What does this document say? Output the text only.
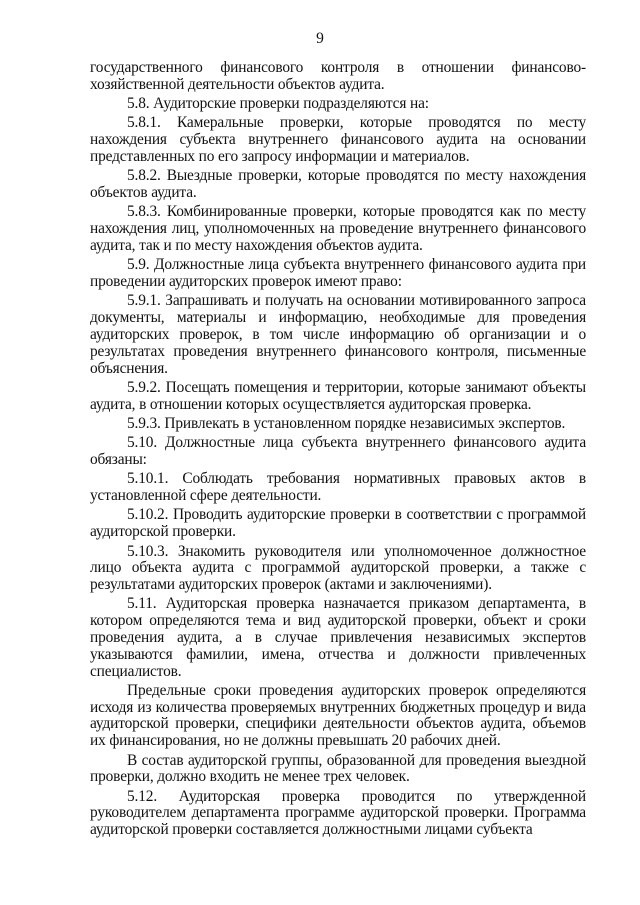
9

государственного финансового контроля в отношении финансово-хозяйственной деятельности объектов аудита.

5.8. Аудиторские проверки подразделяются на:

5.8.1. Камеральные проверки, которые проводятся по месту нахождения субъекта внутреннего финансового аудита на основании представленных по его запросу информации и материалов.

5.8.2. Выездные проверки, которые проводятся по месту нахождения объектов аудита.

5.8.3. Комбинированные проверки, которые проводятся как по месту нахождения лиц, уполномоченных на проведение внутреннего финансового аудита, так и по месту нахождения объектов аудита.

5.9. Должностные лица субъекта внутреннего финансового аудита при проведении аудиторских проверок имеют право:

5.9.1. Запрашивать и получать на основании мотивированного запроса документы, материалы и информацию, необходимые для проведения аудиторских проверок, в том числе информацию об организации и о результатах проведения внутреннего финансового контроля, письменные объяснения.

5.9.2. Посещать помещения и территории, которые занимают объекты аудита, в отношении которых осуществляется аудиторская проверка.

5.9.3. Привлекать в установленном порядке независимых экспертов.

5.10. Должностные лица субъекта внутреннего финансового аудита обязаны:

5.10.1. Соблюдать требования нормативных правовых актов в установленной сфере деятельности.

5.10.2. Проводить аудиторские проверки в соответствии с программой аудиторской проверки.

5.10.3. Знакомить руководителя или уполномоченное должностное лицо объекта аудита с программой аудиторской проверки, а также с результатами аудиторских проверок (актами и заключениями).

5.11. Аудиторская проверка назначается приказом департамента, в котором определяются тема и вид аудиторской проверки, объект и сроки проведения аудита, а в случае привлечения независимых экспертов указываются фамилии, имена, отчества и должности привлеченных специалистов.

Предельные сроки проведения аудиторских проверок определяются исходя из количества проверяемых внутренних бюджетных процедур и вида аудиторской проверки, специфики деятельности объектов аудита, объемов их финансирования, но не должны превышать 20 рабочих дней.

В состав аудиторской группы, образованной для проведения выездной проверки, должно входить не менее трех человек.

5.12. Аудиторская проверка проводится по утвержденной руководителем департамента программе аудиторской проверки. Программа аудиторской проверки составляется должностными лицами субъекта
